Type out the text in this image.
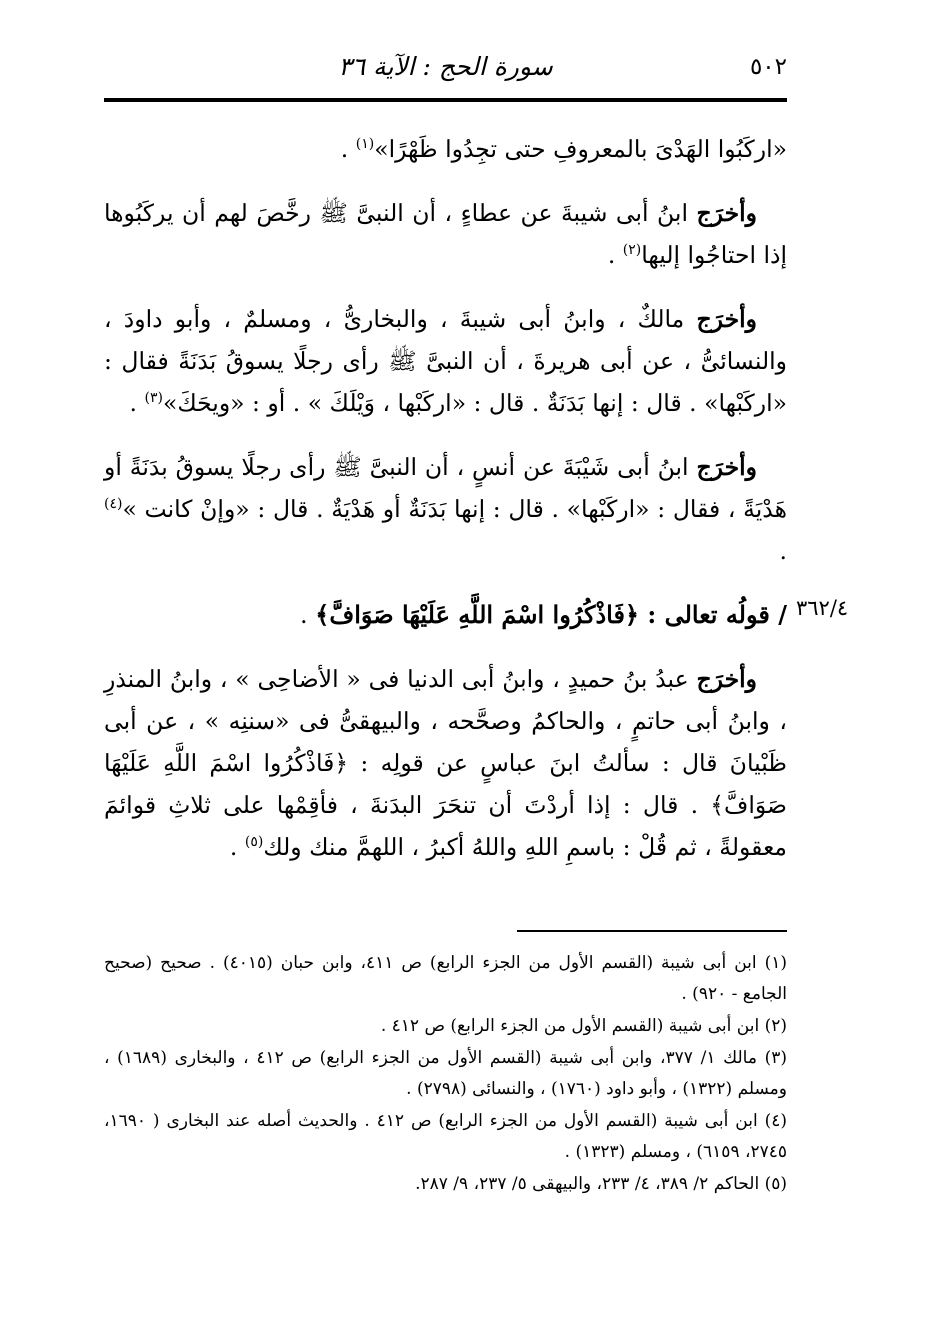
٥٠٢
سورة الحج : الآية ٣٦
٣٦٢/٤

«اركَبُوا الهَدْىَ بالمعروفِ حتى تجِدُوا ظَهْرًا»$^{(١)}$ .

وأخرَج ابنُ أبى شيبةَ عن عطاءٍ ، أن النبىَّ ﷺ رخَّصَ لهم أن يركَبُوها إذا احتاجُوا إليها$^{(٢)}$ .

وأخرَج مالكٌ ، وابنُ أبى شيبةَ ، والبخارىُّ ، ومسلمٌ ، وأبو داودَ ، والنسائىُّ ، عن أبى هريرةَ ، أن النبىَّ ﷺ رأى رجلًا يسوقُ بَدَنَةً فقال : «اركَبْها» . قال : إنها بَدَنَةٌ . قال : «اركَبْها ، وَيْلَكَ » . أو : «ويحَكَ»$^{(٣)}$ .

وأخرَج ابنُ أبى شَيْبَةَ عن أنسٍ ، أن النبىَّ ﷺ رأى رجلًا يسوقُ بدَنَةً أو هَدْيَةً ، فقال : «اركَبْها» . قال : إنها بَدَنَةٌ أو هَدْيَةٌ . قال : «وإنْ كانت »$^{(٤)}$ .

/ قولُه تعالى : ﴿فَاذْكُرُوا اسْمَ اللَّهِ عَلَيْهَا صَوَافَّ﴾ .

وأخرَج عبدُ بنُ حميدٍ ، وابنُ أبى الدنيا فى « الأضاحِى » ، وابنُ المنذرِ ، وابنُ أبى حاتمٍ ، والحاكمُ وصحَّحه ، والبيهقىُّ فى «سننِه » ، عن أبى ظَبْيانَ قال : سألتُ ابنَ عباسٍ عن قولِه : ﴿فَاذْكُرُوا اسْمَ اللَّهِ عَلَيْهَا صَوَافَّ﴾ . قال : إذا أردْتَ أن تنحَرَ البدَنةَ ، فأقِمْها على ثلاثِ قوائمَ معقولةً ، ثم قُلْ : باسمِ اللهِ واللهُ أكبرُ ، اللهمَّ منك ولك$^{(٥)}$ .

(١) ابن أبى شيبة (القسم الأول من الجزء الرابع) ص ٤١١، وابن حبان (٤٠١٥) . صحيح (صحيح الجامع - ٩٢٠) .

(٢) ابن أبى شيبة (القسم الأول من الجزء الرابع) ص ٤١٢ .

(٣) مالك ١/ ٣٧٧، وابن أبى شيبة (القسم الأول من الجزء الرابع) ص ٤١٢ ، والبخارى (١٦٨٩) ، ومسلم (١٣٢٢) ، وأبو داود (١٧٦٠) ، والنسائى (٢٧٩٨) .

(٤) ابن أبى شيبة (القسم الأول من الجزء الرابع) ص ٤١٢ . والحديث أصله عند البخارى ( ١٦٩٠، ٢٧٤٥، ٦١٥٩) ، ومسلم (١٣٢٣) .

(٥) الحاكم ٢/ ٣٨٩، ٤/ ٢٣٣، والبيهقى ٥/ ٢٣٧، ٩/ ٢٨٧.
